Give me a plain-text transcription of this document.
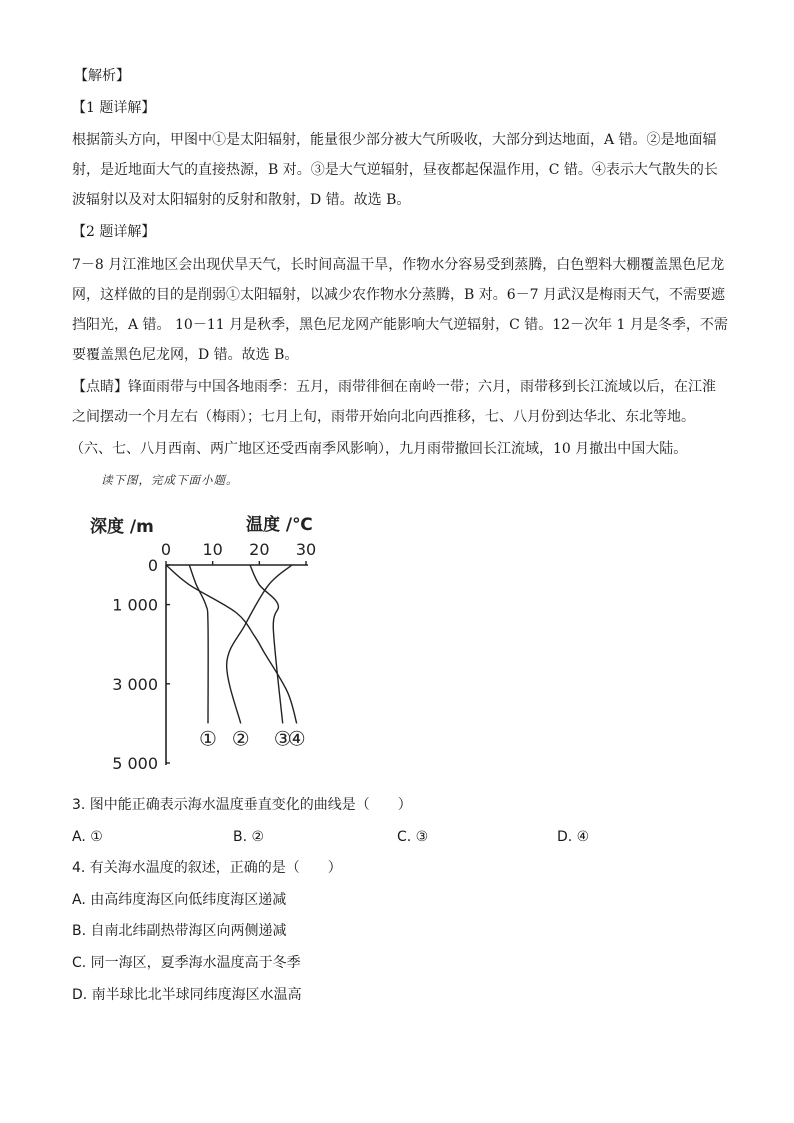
【解析】
【1 题详解】
根据箭头方向，甲图中①是太阳辐射，能量很少部分被大气所吸收，大部分到达地面，A 错。②是地面辐
射，是近地面大气的直接热源，B 对。③是大气逆辐射，昼夜都起保温作用，C 错。④表示大气散失的长
波辐射以及对太阳辐射的反射和散射，D 错。故选 B。
【2 题详解】
7－8 月江淮地区会出现伏旱天气，长时间高温干旱，作物水分容易受到蒸腾，白色塑料大棚覆盖黑色尼龙
网，这样做的目的是削弱①太阳辐射，以减少农作物水分蒸腾，B 对。6－7 月武汉是梅雨天气，不需要遮
挡阳光，A 错。 10－11 月是秋季，黑色尼龙网产能影响大气逆辐射，C 错。12－次年 1 月是冬季，不需
要覆盖黑色尼龙网，D 错。故选 B。
【点睛】锋面雨带与中国各地雨季：五月，雨带徘徊在南岭一带；六月，雨带移到长江流域以后，在江淮
之间摆动一个月左右（梅雨）；七月上旬，雨带开始向北向西推移，七、八月份到达华北、东北等地。
（六、七、八月西南、两广地区还受西南季风影响），九月雨带撤回长江流域，10 月撤出中国大陆。
读下图，完成下面小题。
深度 /m	温度 /℃
0 10 20 30
0
1 000
3 000
5 000
① ② ③
④
3. 图中能正确表示海水温度垂直变化的曲线是（　　）
A. ①	B. ②	C. ③	D. ④
4. 有关海水温度的叙述，正确的是（　　）
A. 由高纬度海区向低纬度海区递减
B. 自南北纬副热带海区向两侧递减
C. 同一海区，夏季海水温度高于冬季
D. 南半球比北半球同纬度海区水温高
